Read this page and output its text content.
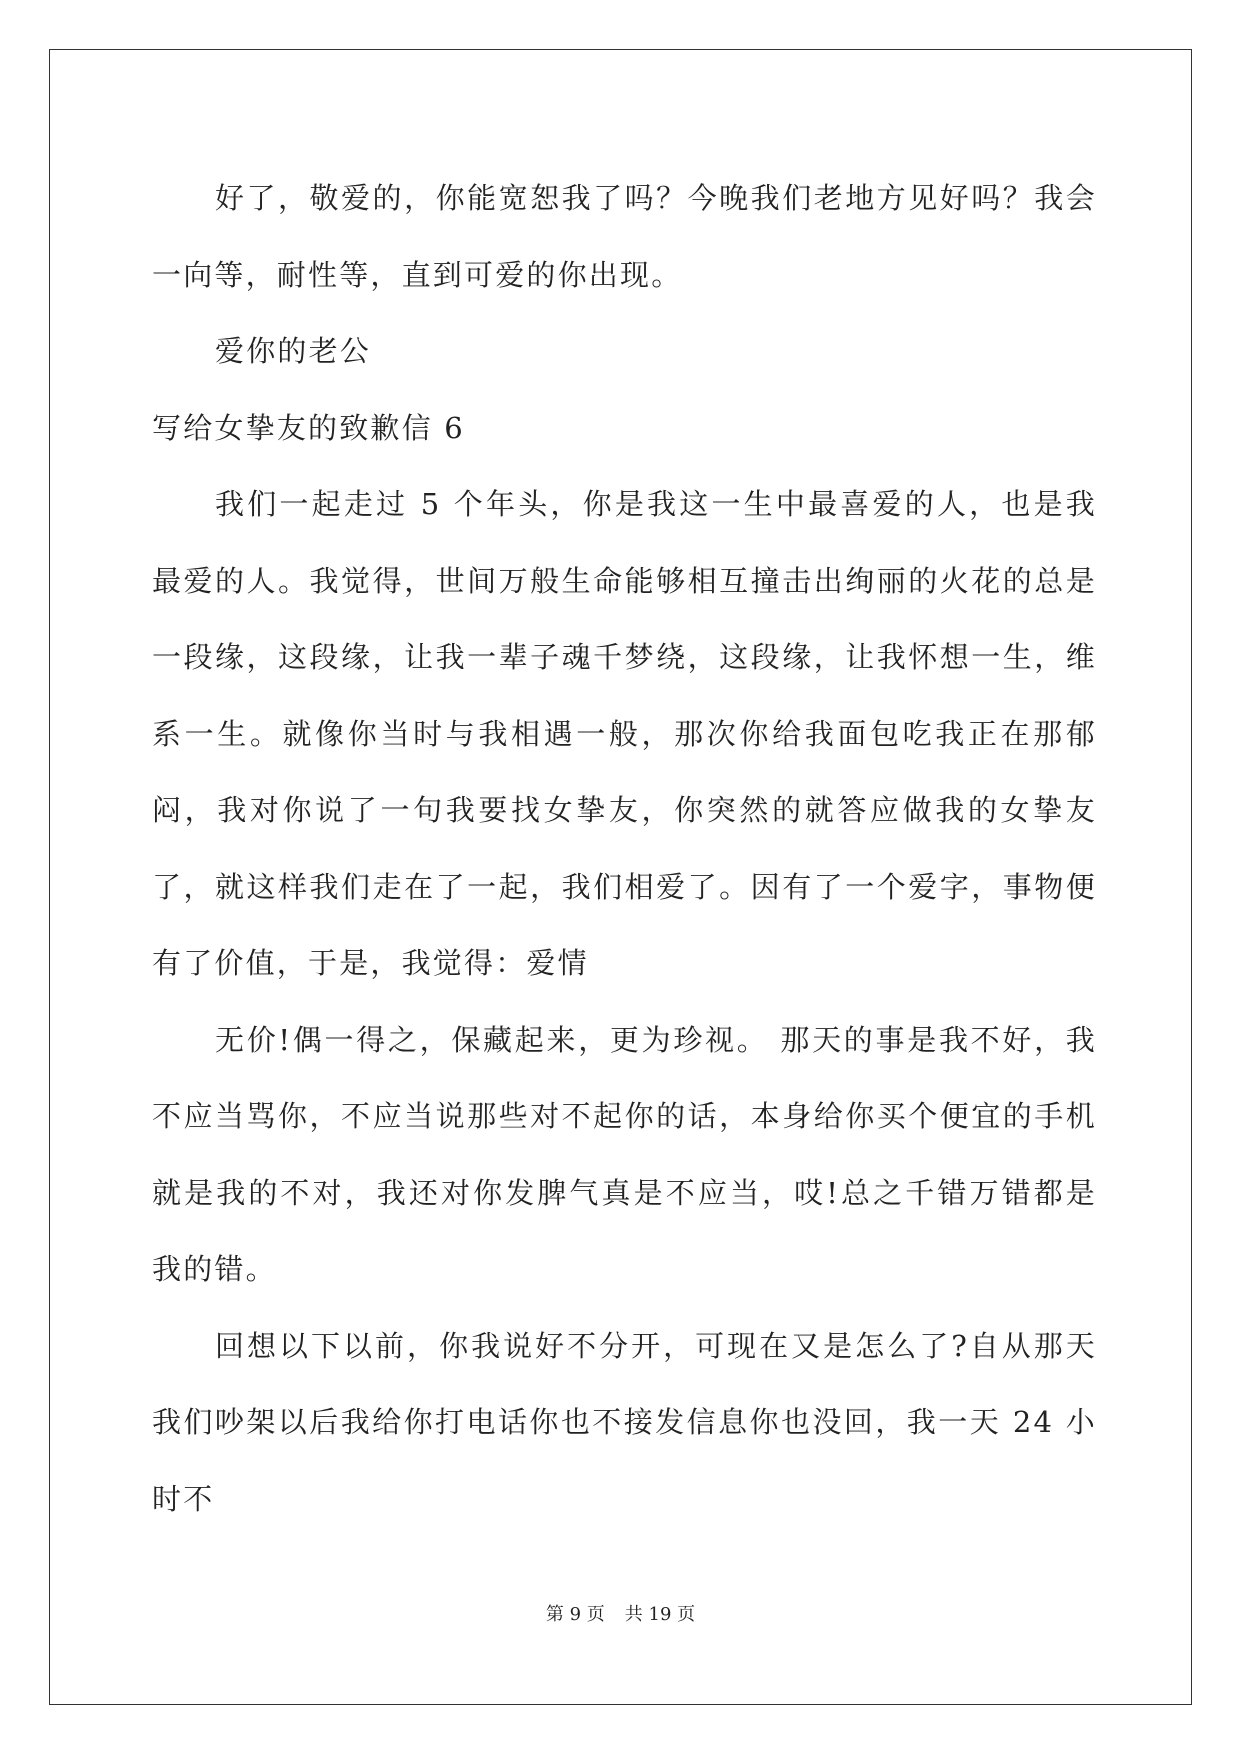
好了，敬爱的，你能宽恕我了吗？今晚我们老地方见好吗？我会一向等，耐性等，直到可爱的你出现。

爱你的老公

写给女挚友的致歉信 6

我们一起走过 5 个年头，你是我这一生中最喜爱的人，也是我最爱的人。我觉得，世间万般生命能够相互撞击出绚丽的火花的总是一段缘，这段缘，让我一辈子魂千梦绕，这段缘，让我怀想一生，维系一生。就像你当时与我相遇一般，那次你给我面包吃我正在那郁闷，我对你说了一句我要找女挚友，你突然的就答应做我的女挚友了，就这样我们走在了一起，我们相爱了。因有了一个爱字，事物便有了价值，于是，我觉得：爱情

无价!偶一得之，保藏起来，更为珍视。 那天的事是我不好，我不应当骂你，不应当说那些对不起你的话，本身给你买个便宜的手机就是我的不对，我还对你发脾气真是不应当，哎!总之千错万错都是我的错。

回想以下以前，你我说好不分开，可现在又是怎么了?自从那天我们吵架以后我给你打电话你也不接发信息你也没回，我一天 24 小时不

第 9 页 共 19 页
